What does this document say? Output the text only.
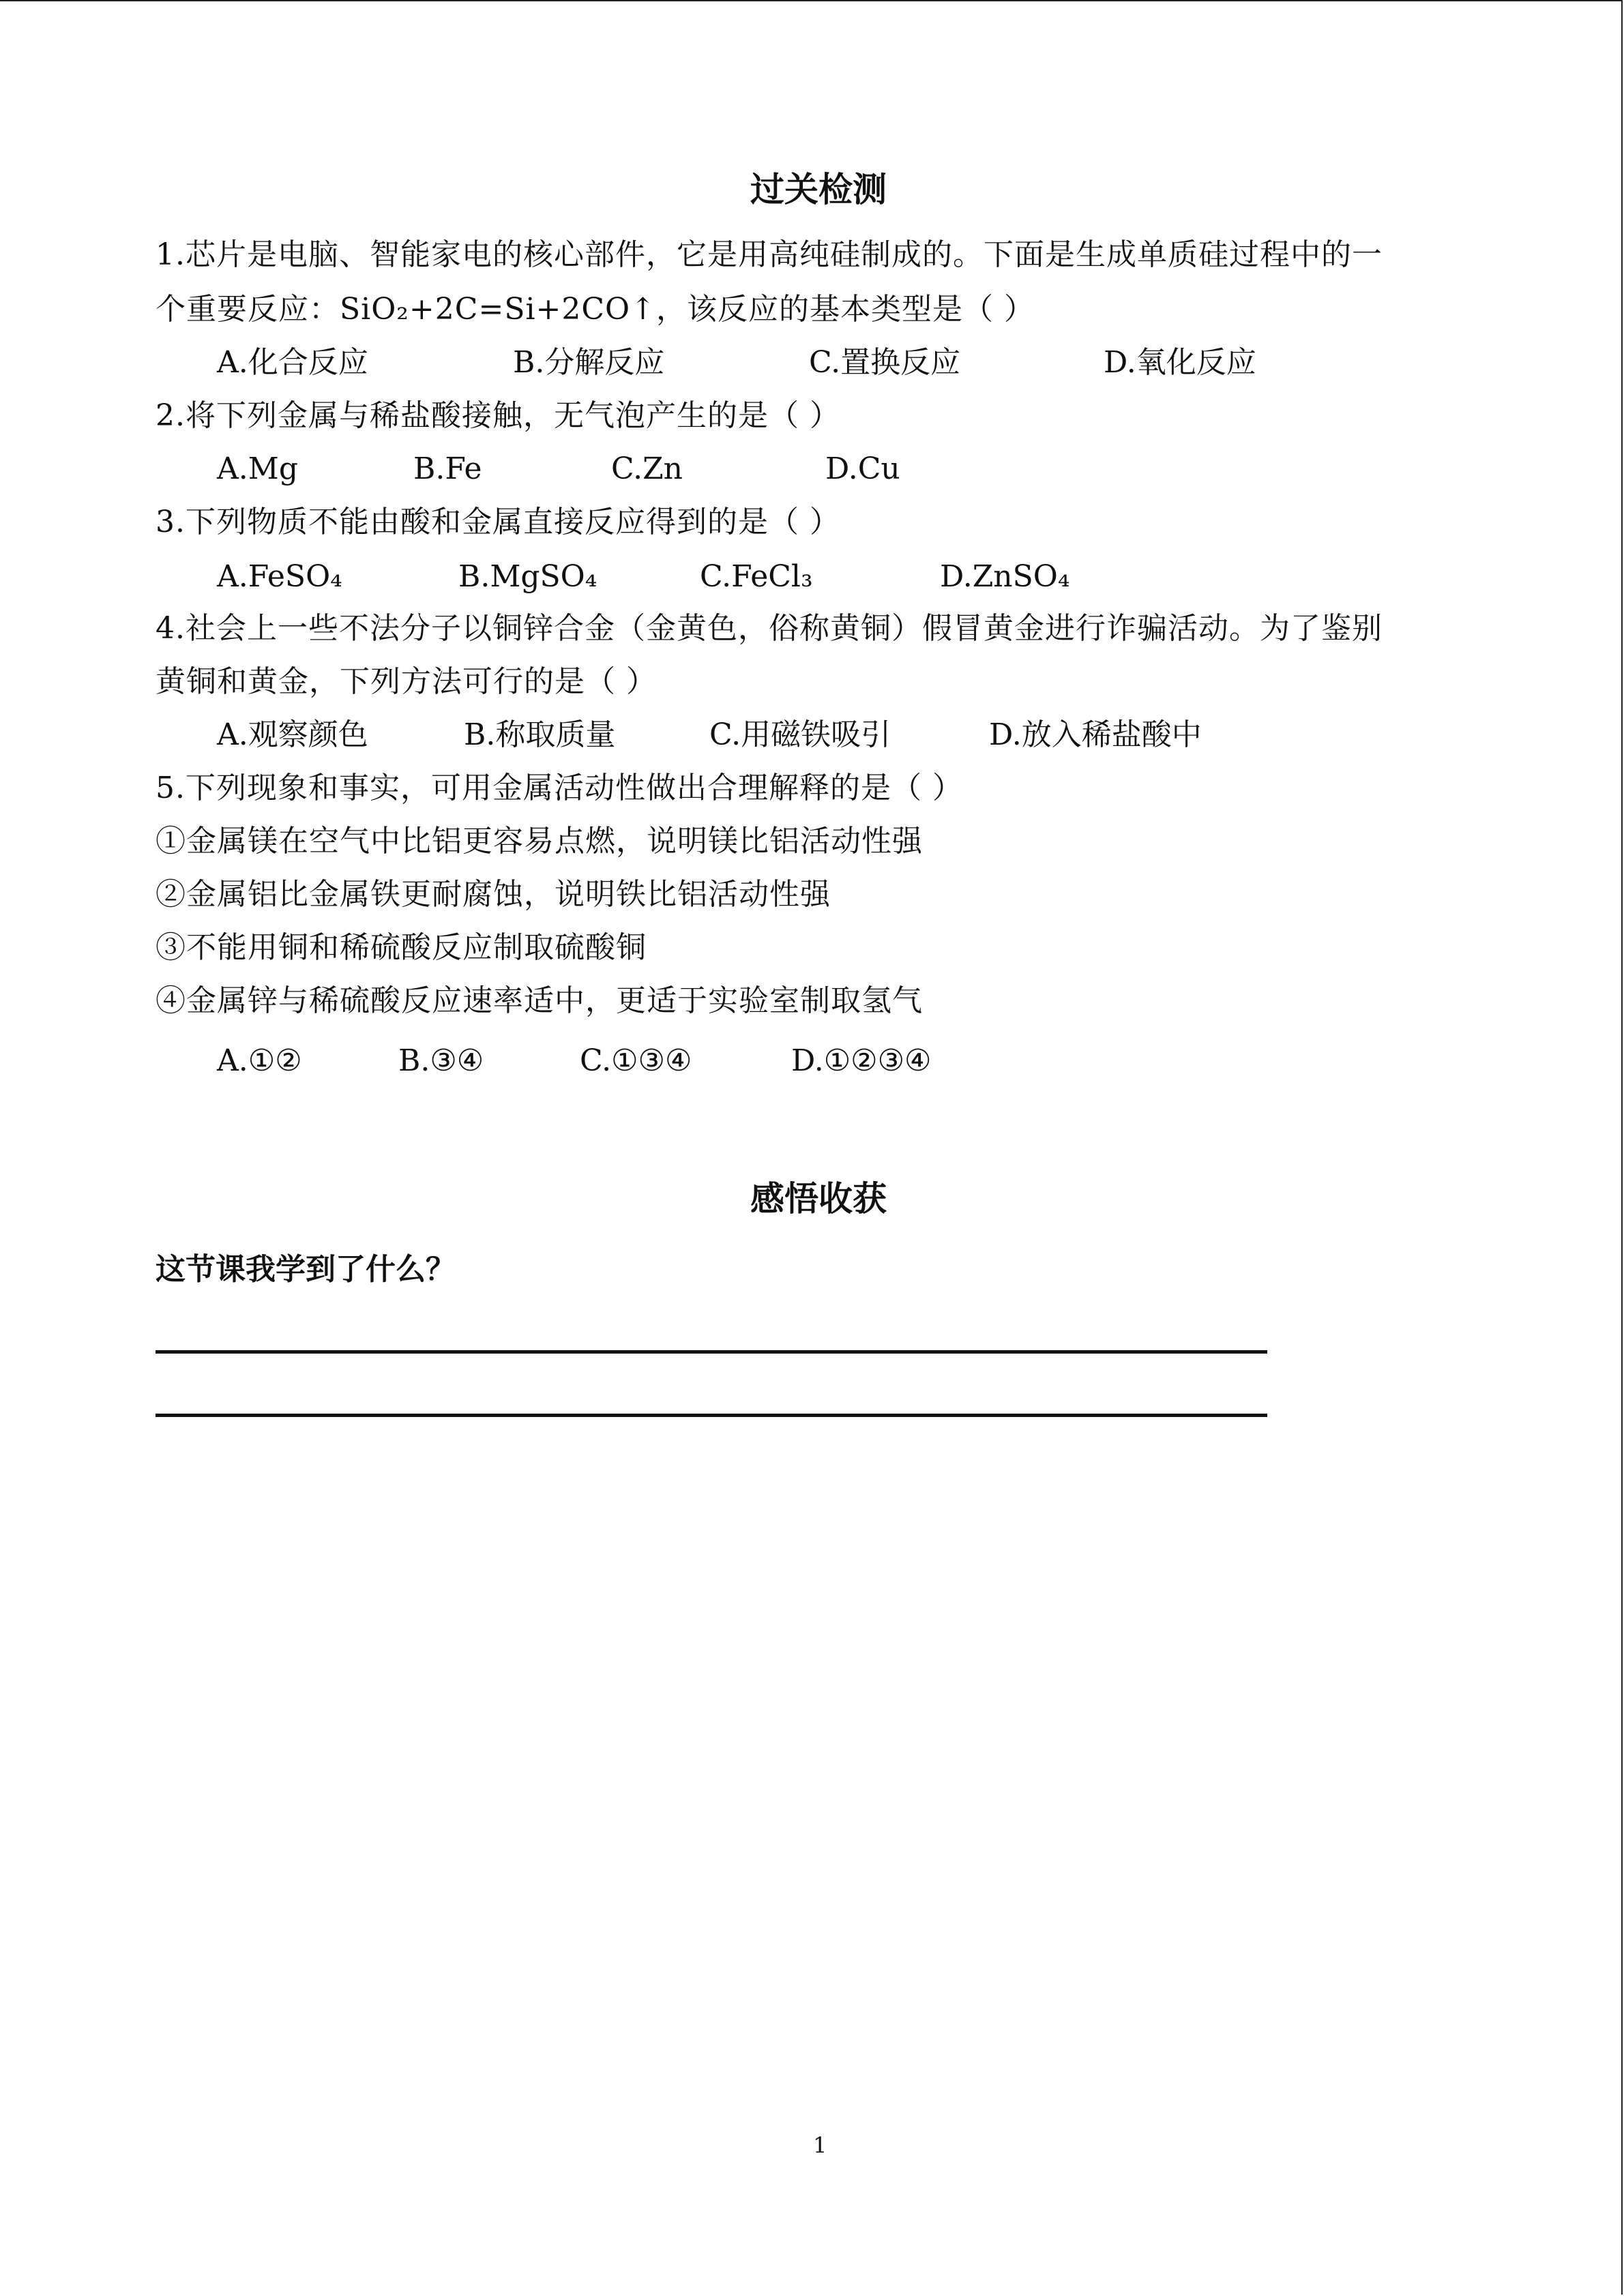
过关检测
1.芯片是电脑、智能家电的核心部件，它是用高纯硅制成的。下面是生成单质硅过程中的一
个重要反应：SiO₂+2C=Si+2CO↑，该反应的基本类型是（ ）
A.化合反应	B.分解反应	C.置换反应	D.氧化反应
2.将下列金属与稀盐酸接触，无气泡产生的是（ ）
A.Mg	B.Fe	C.Zn	D.Cu
3.下列物质不能由酸和金属直接反应得到的是（ ）
A.FeSO₄	B.MgSO₄	C.FeCl₃	D.ZnSO₄
4.社会上一些不法分子以铜锌合金（金黄色，俗称黄铜）假冒黄金进行诈骗活动。为了鉴别
黄铜和黄金，下列方法可行的是（ ）
A.观察颜色	B.称取质量	C.用磁铁吸引	D.放入稀盐酸中
5.下列现象和事实，可用金属活动性做出合理解释的是（ ）
①金属镁在空气中比铝更容易点燃，说明镁比铝活动性强
②金属铝比金属铁更耐腐蚀，说明铁比铝活动性强
③不能用铜和稀硫酸反应制取硫酸铜
④金属锌与稀硫酸反应速率适中，更适于实验室制取氢气
A.①②	B.③④	C.①③④	D.①②③④
感悟收获
这节课我学到了什么？
1
